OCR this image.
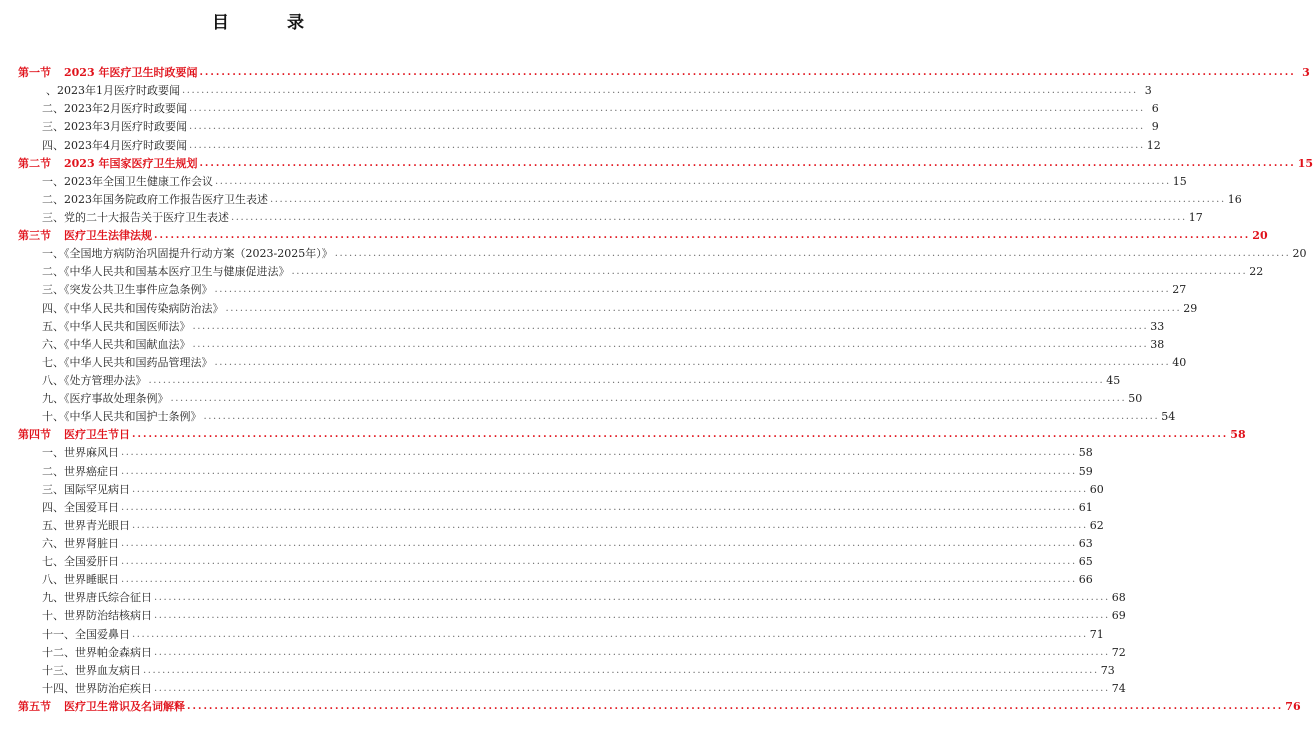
目 录
第一节 2023 年医疗卫生时政要闻 ........................................................................................................................................................................................................ 3
、2023年1月医疗时政要闻 ........................................................................................................................................................................................................ 3
二、2023年2月医疗时政要闻 ........................................................................................................................................................................................................ 6
三、2023年3月医疗时政要闻 ........................................................................................................................................................................................................ 9
四、2023年4月医疗时政要闻 ........................................................................................................................................................................................................ 12
第二节 2023 年国家医疗卫生规划 ........................................................................................................................................................................................................ 15
一、2023年全国卫生健康工作会议 ........................................................................................................................................................................................................ 15
二、2023年国务院政府工作报告医疗卫生表述 ........................................................................................................................................................................................................ 16
三、党的二十大报告关于医疗卫生表述 ........................................................................................................................................................................................................ 17
第三节 医疗卫生法律法规 ........................................................................................................................................................................................................ 20
一、《全国地方病防治巩固提升行动方案（2023-2025年）》 ........................................................................................................................................................................................................ 20
二、《中华人民共和国基本医疗卫生与健康促进法》 ........................................................................................................................................................................................................ 22
三、《突发公共卫生事件应急条例》 ........................................................................................................................................................................................................ 27
四、《中华人民共和国传染病防治法》 ........................................................................................................................................................................................................ 29
五、《中华人民共和国医师法》 ........................................................................................................................................................................................................ 33
六、《中华人民共和国献血法》 ........................................................................................................................................................................................................ 38
七、《中华人民共和国药品管理法》 ........................................................................................................................................................................................................ 40
八、《处方管理办法》 ........................................................................................................................................................................................................ 45
九、《医疗事故处理条例》 ........................................................................................................................................................................................................ 50
十、《中华人民共和国护士条例》 ........................................................................................................................................................................................................ 54
第四节 医疗卫生节日 ........................................................................................................................................................................................................ 58
一、世界麻风日 ........................................................................................................................................................................................................ 58
二、世界癌症日 ........................................................................................................................................................................................................ 59
三、国际罕见病日 ........................................................................................................................................................................................................ 60
四、全国爱耳日 ........................................................................................................................................................................................................ 61
五、世界青光眼日 ........................................................................................................................................................................................................ 62
六、世界肾脏日 ........................................................................................................................................................................................................ 63
七、全国爱肝日 ........................................................................................................................................................................................................ 65
八、世界睡眠日 ........................................................................................................................................................................................................ 66
九、世界唐氏综合征日 ........................................................................................................................................................................................................ 68
十、世界防治结核病日 ........................................................................................................................................................................................................ 69
十一、全国爱鼻日 ........................................................................................................................................................................................................ 71
十二、世界帕金森病日 ........................................................................................................................................................................................................ 72
十三、世界血友病日 ........................................................................................................................................................................................................ 73
十四、世界防治疟疾日 ........................................................................................................................................................................................................ 74
第五节 医疗卫生常识及名词解释 ........................................................................................................................................................................................................ 76
